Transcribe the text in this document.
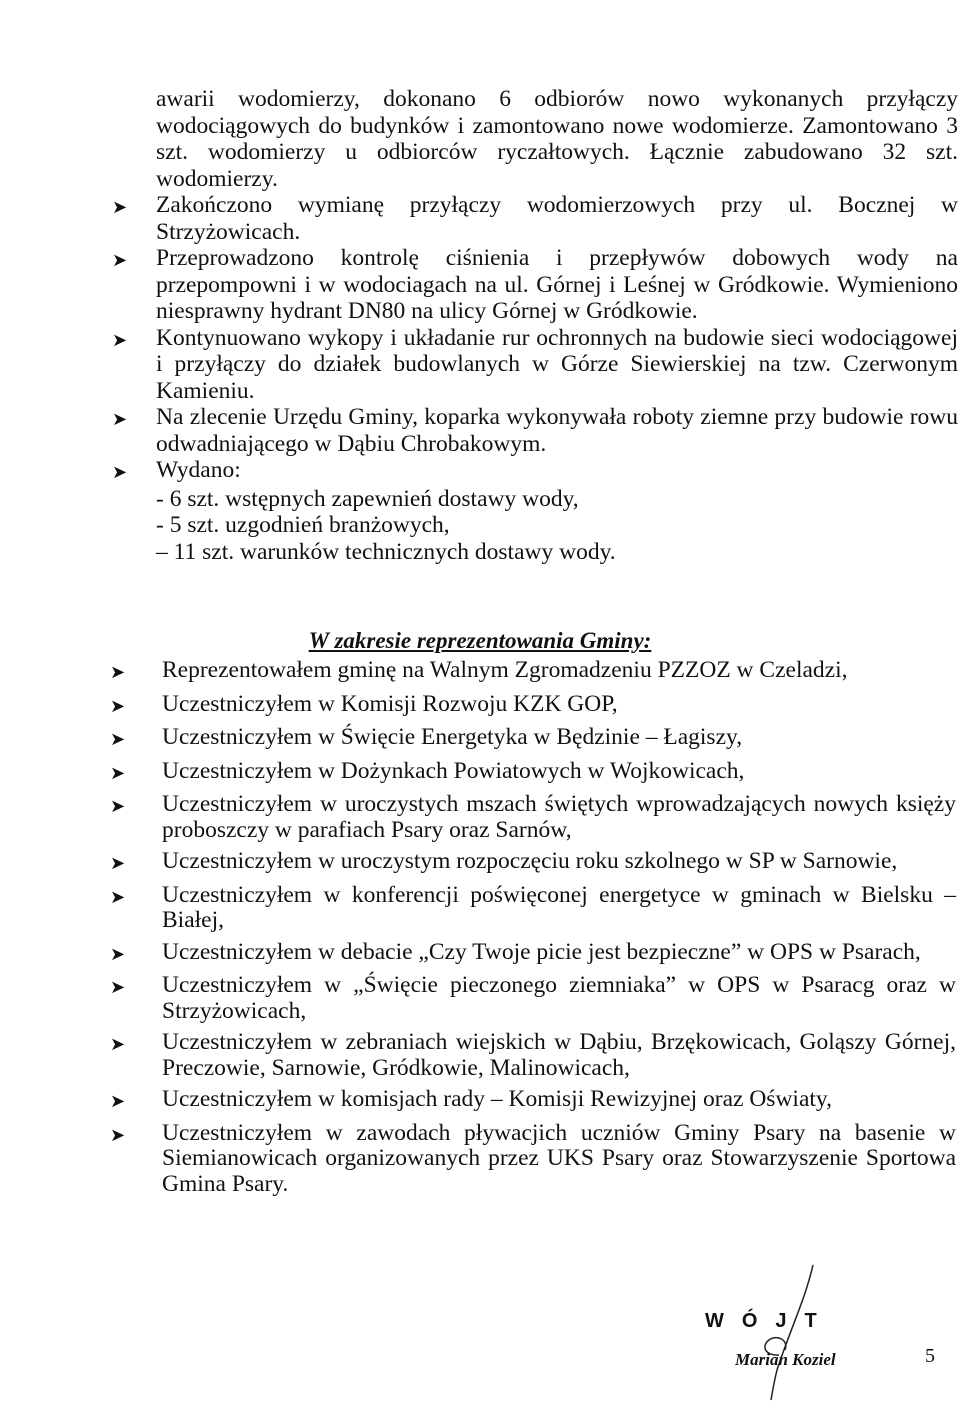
awarii wodomierzy, dokonano 6 odbiorów nowo wykonanych przyłączy wodociągowych do budynków i zamontowano nowe wodomierze. Zamontowano 3 szt. wodomierzy u odbiorców ryczałtowych. Łącznie zabudowano 32 szt. wodomierzy.
➤	Zakończono wymianę przyłączy wodomierzowych przy ul. Bocznej w Strzyżowicach.
➤	Przeprowadzono kontrolę ciśnienia i przepływów dobowych wody na przepompowni i w wodociagach na ul. Górnej i Leśnej w Gródkowie. Wymieniono niesprawny hydrant DN80 na ulicy Górnej w Gródkowie.
➤	Kontynuowano wykopy i układanie rur ochronnych na budowie sieci wodociągowej i przyłączy do działek budowlanych w Górze Siewierskiej na tzw. Czerwonym Kamieniu.
➤	Na zlecenie Urzędu Gminy, koparka wykonywała roboty ziemne przy budowie rowu odwadniającego w Dąbiu Chrobakowym.
➤	Wydano:
- 6 szt. wstępnych zapewnień dostawy wody,
- 5 szt. uzgodnień branżowych,
– 11 szt. warunków technicznych dostawy wody.
W zakresie reprezentowania Gminy:
➤	Reprezentowałem gminę na Walnym Zgromadzeniu PZZOZ w Czeladzi,
➤	Uczestniczyłem w Komisji Rozwoju KZK GOP,
➤	Uczestniczyłem w Święcie Energetyka w Będzinie – Łagiszy,
➤	Uczestniczyłem w Dożynkach Powiatowych w Wojkowicach,
➤	Uczestniczyłem w uroczystych mszach świętych wprowadzających nowych księży proboszczy w parafiach Psary oraz Sarnów,
➤	Uczestniczyłem w uroczystym rozpoczęciu roku szkolnego w SP w Sarnowie,
➤	Uczestniczyłem w konferencji poświęconej energetyce w gminach w Bielsku – Białej,
➤	Uczestniczyłem w debacie „Czy Twoje picie jest bezpieczne” w OPS w Psarach,
➤	Uczestniczyłem w „Święcie pieczonego ziemniaka” w OPS w Psaracg oraz w Strzyżowicach,
➤	Uczestniczyłem w zebraniach wiejskich w Dąbiu, Brzękowicach, Goląszy Górnej, Preczowie, Sarnowie, Gródkowie, Malinowicach,
➤	Uczestniczyłem w komisjach rady – Komisji Rewizyjnej oraz Oświaty,
➤	Uczestniczyłem w zawodach pływacjich uczniów Gminy Psary na basenie w Siemianowicach organizowanych przez UKS Psary oraz Stowarzyszenie Sportowa Gmina Psary.
WÓJT
Marian Koziel	5
